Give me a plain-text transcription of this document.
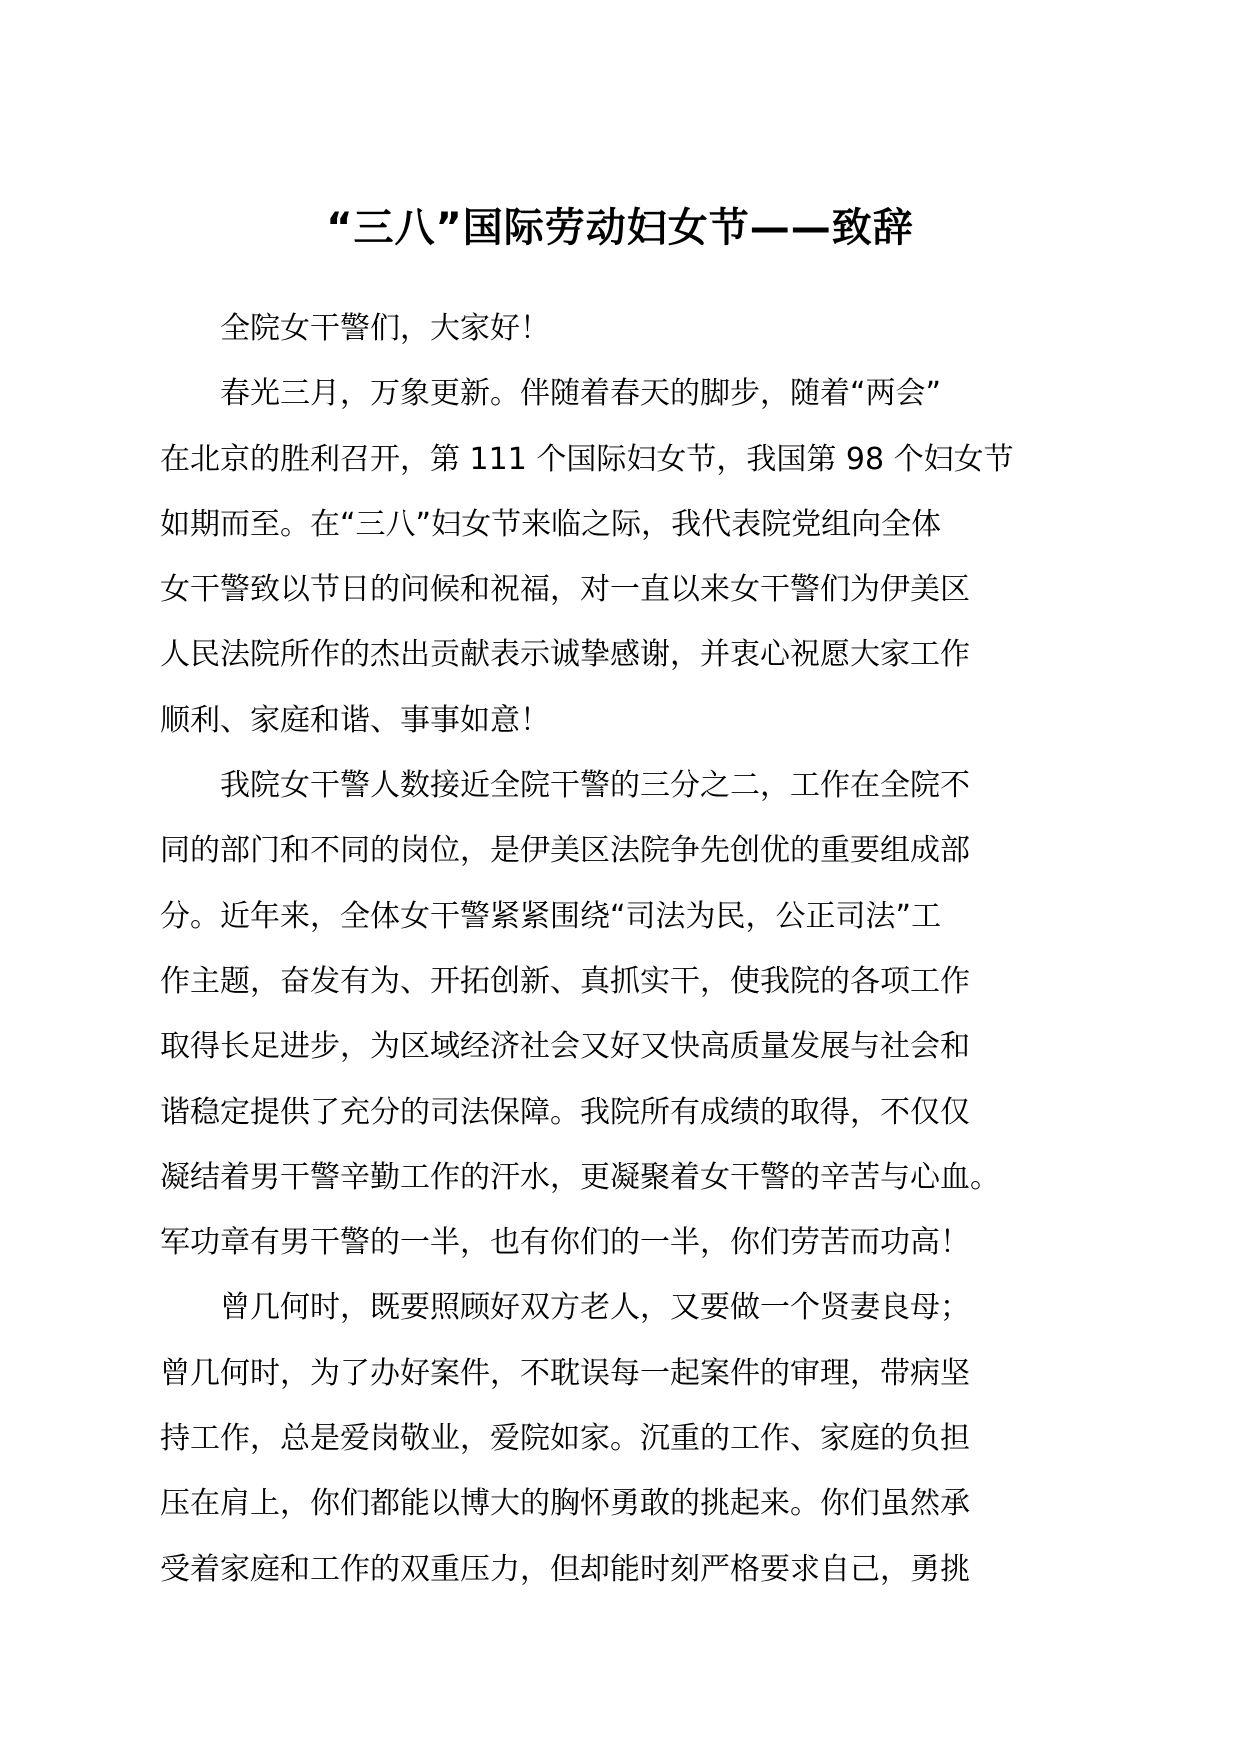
“三八”国际劳动妇女节——致辞

全院女干警们，大家好！

春光三月，万象更新。伴随着春天的脚步，随着“两会”
在北京的胜利召开，第 111 个国际妇女节，我国第 98 个妇女节
如期而至。在“三八”妇女节来临之际，我代表院党组向全体
女干警致以节日的问候和祝福，对一直以来女干警们为伊美区
人民法院所作的杰出贡献表示诚挚感谢，并衷心祝愿大家工作
顺利、家庭和谐、事事如意！

我院女干警人数接近全院干警的三分之二，工作在全院不
同的部门和不同的岗位，是伊美区法院争先创优的重要组成部
分。近年来，全体女干警紧紧围绕“司法为民，公正司法”工
作主题，奋发有为、开拓创新、真抓实干，使我院的各项工作
取得长足进步，为区域经济社会又好又快高质量发展与社会和
谐稳定提供了充分的司法保障。我院所有成绩的取得，不仅仅
凝结着男干警辛勤工作的汗水，更凝聚着女干警的辛苦与心血。
军功章有男干警的一半，也有你们的一半，你们劳苦而功高！

曾几何时，既要照顾好双方老人，又要做一个贤妻良母；
曾几何时，为了办好案件，不耽误每一起案件的审理，带病坚
持工作，总是爱岗敬业，爱院如家。沉重的工作、家庭的负担
压在肩上，你们都能以博大的胸怀勇敢的挑起来。你们虽然承
受着家庭和工作的双重压力，但却能时刻严格要求自己，勇挑
